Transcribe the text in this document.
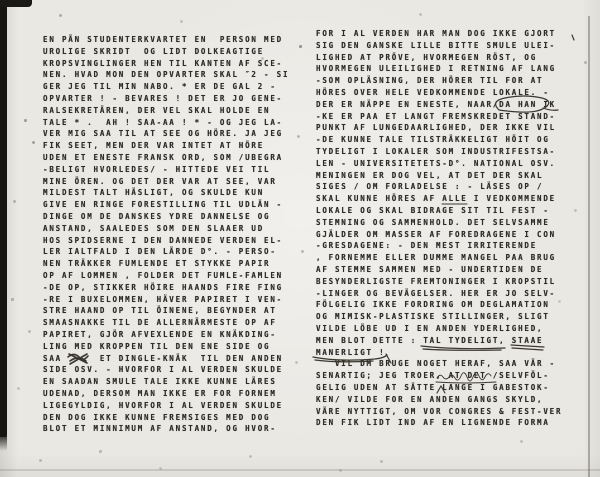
EN PÄN STUDENTERKVARTET EN  PERSON MED
UROLIGE SKRIDT  OG LIDT DOLKEAGTIGE
KROPSVINGLINGER HEN TIL KANTEN AF SCE-
NEN. HVAD MON DEN OPVARTER SKAL ″2 - SI
GER JEG TIL MIN NABO. * ER DE GAL 2 -
OPVARTER ! - BEVARES ! DET ER JO GENE-
RALSEKRETÄREN, DER VEL SKAL HOLDE EN
TALE * .  AH ! SAA-AA ! * - OG JEG LA-
VER MIG SAA TIL AT SEE OG HÖRE. JA JEG
FIK SEET, MEN DER VAR INTET AT HÖRE
UDEN ET ENESTE FRANSK ORD, SOM /UBEGRA
-BELIGT HVORLEDES/ - HITTEDE VEI TIL
MINE ÖREN. OG DET DER VAR AT SEE, VAR
MILDEST TALT HÄSLIGT, OG SKULDE KUN
GIVE EN RINGE FORESTILLING TIL UDLÄN -
DINGE OM DE DANSKES YDRE DANNELSE OG
ANSTAND, SAALEDES SOM DEN SLAAER UD
HOS SPIDSERNE I DEN DANNEDE VERDEN EL-
LER IALTFALD I DEN LÄRDE D°. - PERSO-
NEN TRÄKKER FUMLENDE ET STYKKE PAPIR
OP AF LOMMEN , FOLDER DET FUMLE-FAMLEN
-DE OP, STIKKER HÖIRE HAANDS FIRE FING
-RE I BUXELOMMEN, HÄVER PAPIRET I VEN-
STRE HAAND OP TIL ÖINENE, BEGYNDER AT
SMAASNAKKE TIL DE ALLERNÄRMESTE OP AF
PAPIRET, GJÖR AFVEXLENDE EN KNÄKDING-
LING MED KROPPEN TIL DEN ENE SIDE OG
SAA      ET DINGLE-KNÄK  TIL DEN ANDEN
SIDE OSV. - HVORFOR I AL VERDEN SKULDE
EN SAADAN SMULE TALE IKKE KUNNE LÄRES
UDENAD, DERSOM MAN IKKE ER FOR FORNEM
LIGEGYLDIG, HVORFOR I AL VERDEN SKULDE
DEN DOG IKKE KUNNE FREMSIGES MED DOG
BLOT ET MINNIMUM AF ANSTAND, OG HVOR-
FOR I AL VERDEN HAR MAN DOG IKKE GJORT
SIG DEN GANSKE LILLE BITTE SMULE ULEI-
LIGHED AT PRÖVE, HVORMEGEN RÖST, OG
HVORMEGEN ULEILIGHED I RETNING AF LANG
-SOM OPLÄSNING, DER HÖRER TIL FOR AT
HÖRES OVER HELE VEDKOMMENDE LOKALE. -
DER ER NÄPPE EN ENESTE, NAAR/DA HAN IK
-KE ER PAA ET LANGT FREMSKREDET STAND-
PUNKT AF LUNGEDAARLIGHED, DER IKKE VIL
-DE KUNNE TALE TILSTRÄKKELIGT HÖIT OG
TYDELIGT I LOKALER SOM INDUSTRIFESTSA-
LEN - UNIVERSITETETS-D°. NATIONAL OSV.
MENINGEN ER DOG VEL, AT DET DER SKAL
SIGES / OM FORLADELSE : - LÄSES OP /
SKAL KUNNE HÖRES AF ALLE I VEDKOMMENDE
LOKALE OG SKAL BIDRAGE SIT TIL FEST -
STEMNING OG SAMMENHOLD. DET SELVSAMME
GJÄLDER OM MASSER AF FOREDRAGENE I CON
-GRESDAGENE: - DEN MEST IRRITERENDE
, FORNEMME ELLER DUMME MANGEL PAA BRUG
AF STEMME SAMMEN MED - UNDERTIDEN DE
BESYNDERLIGSTE FREMTONINGER I KROPSTIL
-LINGER OG BEVÄGELSER. HER ER JO SELV-
FÖLGELIG IKKE FORDRING OM DEGLAMATION
OG MIMISK-PLASTISKE STILLINGER, SLIGT
VILDE LÖBE UD I EN ANDEN YDERLIGHED,
MEN BLOT DETTE : TAL TYDELIGT, STAAE
MANERLIGT !
VIL DM BRUGE NOGET HERAF, SAA VÄR -
SENARTIG; JEG TROER, AT DET /SELVFÖL-
GELIG UDEN AT SÄTTE LANGE I GABESTOK-
KEN/ VILDE FOR EN ANDEN GANGS SKYLD,
VÄRE NYTTIGT, OM VOR CONGRES & FEST-VER
DEN FIK LIDT IND AF EN LIGNENDE FORMA
